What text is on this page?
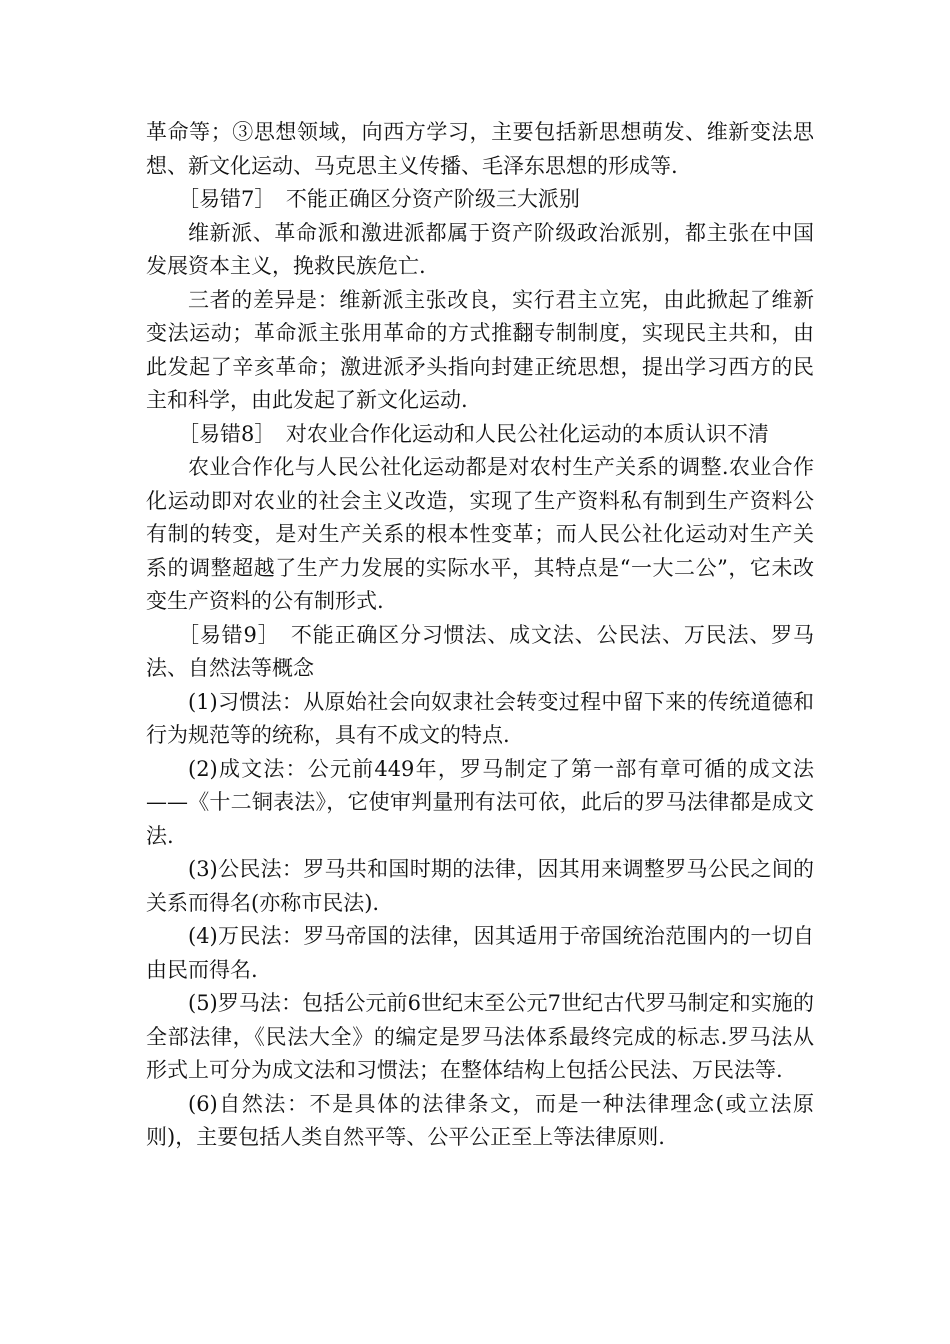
革命等；③思想领域，向西方学习，主要包括新思想萌发、维新变法思想、新文化运动、马克思主义传播、毛泽东思想的形成等.

［易错7］　不能正确区分资产阶级三大派别

维新派、革命派和激进派都属于资产阶级政治派别，都主张在中国发展资本主义，挽救民族危亡.

三者的差异是：维新派主张改良，实行君主立宪，由此掀起了维新变法运动；革命派主张用革命的方式推翻专制制度，实现民主共和，由此发起了辛亥革命；激进派矛头指向封建正统思想，提出学习西方的民主和科学，由此发起了新文化运动.

［易错8］　对农业合作化运动和人民公社化运动的本质认识不清

农业合作化与人民公社化运动都是对农村生产关系的调整.农业合作化运动即对农业的社会主义改造，实现了生产资料私有制到生产资料公有制的转变，是对生产关系的根本性变革；而人民公社化运动对生产关系的调整超越了生产力发展的实际水平，其特点是“一大二公”，它未改变生产资料的公有制形式.

［易错9］　不能正确区分习惯法、成文法、公民法、万民法、罗马法、自然法等概念

(1)习惯法：从原始社会向奴隶社会转变过程中留下来的传统道德和行为规范等的统称，具有不成文的特点.

(2)成文法：公元前449年，罗马制定了第一部有章可循的成文法——《十二铜表法》，它使审判量刑有法可依，此后的罗马法律都是成文法.

(3)公民法：罗马共和国时期的法律，因其用来调整罗马公民之间的关系而得名(亦称市民法).

(4)万民法：罗马帝国的法律，因其适用于帝国统治范围内的一切自由民而得名.

(5)罗马法：包括公元前6世纪末至公元7世纪古代罗马制定和实施的全部法律，《民法大全》的编定是罗马法体系最终完成的标志.罗马法从形式上可分为成文法和习惯法；在整体结构上包括公民法、万民法等.

(6)自然法：不是具体的法律条文，而是一种法律理念(或立法原则)，主要包括人类自然平等、公平公正至上等法律原则.
